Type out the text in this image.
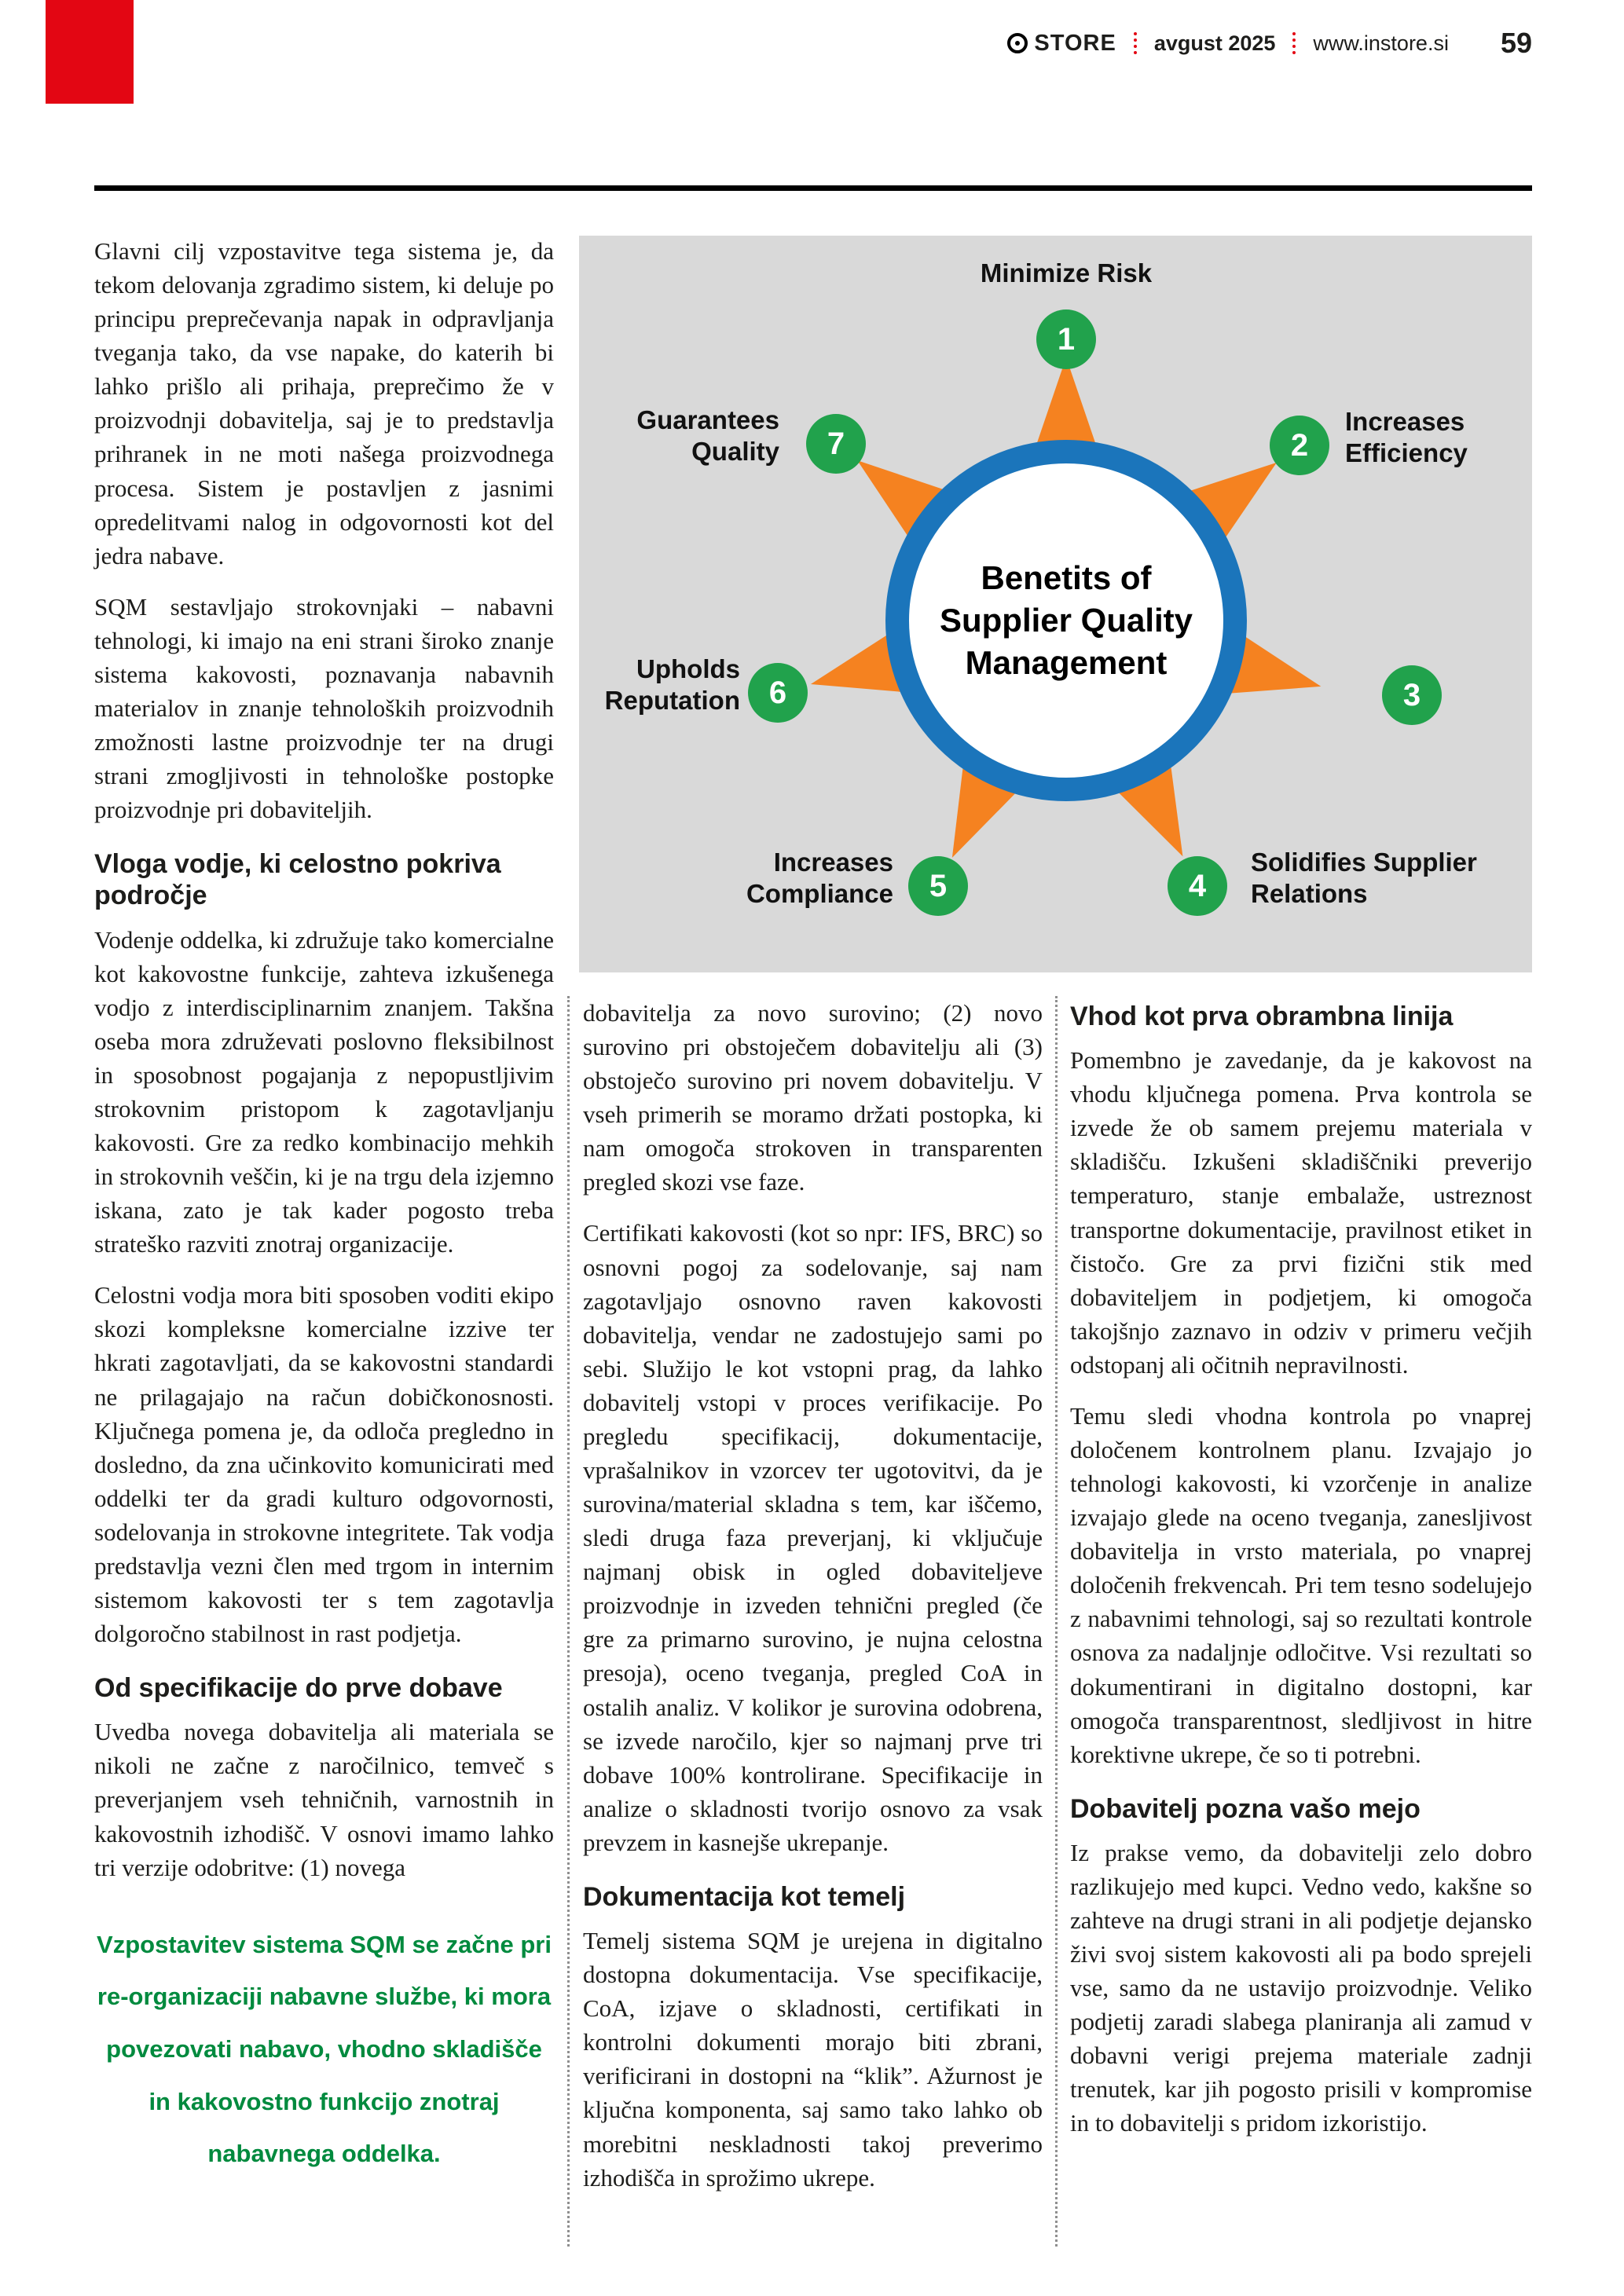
STORE avgust 2025 www.instore.si 59

Glavni cilj vzpostavitve tega sistema je, da tekom delovanja zgradimo sistem, ki deluje po principu preprečevanja napak in odpravljanja tveganja tako, da vse napake, do katerih bi lahko prišlo ali prihaja, preprečimo že v proizvodnji dobavitelja, saj je to predstavlja prihranek in ne moti našega proizvodnega procesa. Sistem je postavljen z jasnimi opredelitvami nalog in odgovornosti kot del jedra nabave.

SQM sestavljajo strokovnjaki – nabavni tehnologi, ki imajo na eni strani široko znanje sistema kakovosti, poznavanja nabavnih materialov in znanje tehnoloških proizvodnih zmožnosti lastne proizvodnje ter na drugi strani zmogljivosti in tehnološke postopke proizvodnje pri dobaviteljih.

Vloga vodje, ki celostno pokriva področje

Vodenje oddelka, ki združuje tako komercialne kot kakovostne funkcije, zahteva izkušenega vodjo z interdisciplinarnim znanjem. Takšna oseba mora združevati poslovno fleksibilnost in sposobnost pogajanja z nepopustljivim strokovnim pristopom k zagotavljanju kakovosti. Gre za redko kombinacijo mehkih in strokovnih veščin, ki je na trgu dela izjemno iskana, zato je tak kader pogosto treba strateško razviti znotraj organizacije.

Celostni vodja mora biti sposoben voditi ekipo skozi kompleksne komercialne izzive ter hkrati zagotavljati, da se kakovostni standardi ne prilagajajo na račun dobičkonosnosti. Ključnega pomena je, da odloča pregledno in dosledno, da zna učinkovito komunicirati med oddelki ter da gradi kulturo odgovornosti, sodelovanja in strokovne integritete. Tak vodja predstavlja vezni člen med trgom in internim sistemom kakovosti ter s tem zagotavlja dolgoročno stabilnost in rast podjetja.

Od specifikacije do prve dobave

Uvedba novega dobavitelja ali materiala se nikoli ne začne z naročilnico, temveč s preverjanjem vseh tehničnih, varnostnih in kakovostnih izhodišč. V osnovi imamo lahko tri verzije odobritve: (1) novega

Vzpostavitev sistema SQM se začne pri re-organizaciji nabavne službe, ki mora povezovati nabavo, vhodno skladišče in kakovostno funkcijo znotraj nabavnega oddelka.
Benetits of Supplier Quality Management
1
Minimize Risk
2
Increases Efficiency
3
4
Solidifies Supplier Relations
5
Increases Compliance
6
Upholds Reputation
7
Guarantees Quality

dobavitelja za novo surovino; (2) novo surovino pri obstoječem dobavitelju ali (3) obstoječo surovino pri novem dobavitelju. V vseh primerih se moramo držati postopka, ki nam omogoča strokoven in transparenten pregled skozi vse faze.

Certifikati kakovosti (kot so npr: IFS, BRC) so osnovni pogoj za sodelovanje, saj nam zagotavljajo osnovno raven kakovosti dobavitelja, vendar ne zadostujejo sami po sebi. Služijo le kot vstopni prag, da lahko dobavitelj vstopi v proces verifikacije. Po pregledu specifikacij, dokumentacije, vprašalnikov in vzorcev ter ugotovitvi, da je surovina/material skladna s tem, kar iščemo, sledi druga faza preverjanj, ki vključuje najmanj obisk in ogled dobaviteljeve proizvodnje in izveden tehnični pregled (če gre za primarno surovino, je nujna celostna presoja), oceno tveganja, pregled CoA in ostalih analiz. V kolikor je surovina odobrena, se izvede naročilo, kjer so najmanj prve tri dobave 100% kontrolirane. Specifikacije in analize o skladnosti tvorijo osnovo za vsak prevzem in kasnejše ukrepanje.

Dokumentacija kot temelj

Temelj sistema SQM je urejena in digitalno dostopna dokumentacija. Vse specifikacije, CoA, izjave o skladnosti, certifikati in kontrolni dokumenti morajo biti zbrani, verificirani in dostopni na “klik”. Ažurnost je ključna komponenta, saj samo tako lahko ob morebitni neskladnosti takoj preverimo izhodišča in sprožimo ukrepe.

Vhod kot prva obrambna linija

Pomembno je zavedanje, da je kakovost na vhodu ključnega pomena. Prva kontrola se izvede že ob samem prejemu materiala v skladišču. Izkušeni skladiščniki preverijo temperaturo, stanje embalaže, ustreznost transportne dokumentacije, pravilnost etiket in čistočo. Gre za prvi fizični stik med dobaviteljem in podjetjem, ki omogoča takojšnjo zaznavo in odziv v primeru večjih odstopanj ali očitnih nepravilnosti.

Temu sledi vhodna kontrola po vnaprej določenem kontrolnem planu. Izvajajo jo tehnologi kakovosti, ki vzorčenje in analize izvajajo glede na oceno tveganja, zanesljivost dobavitelja in vrsto materiala, po vnaprej določenih frekvencah. Pri tem tesno sodelujejo z nabavnimi tehnologi, saj so rezultati kontrole osnova za nadaljnje odločitve. Vsi rezultati so dokumentirani in digitalno dostopni, kar omogoča transparentnost, sledljivost in hitre korektivne ukrepe, če so ti potrebni.

Dobavitelj pozna vašo mejo

Iz prakse vemo, da dobavitelji zelo dobro razlikujejo med kupci. Vedno vedo, kakšne so zahteve na drugi strani in ali podjetje dejansko živi svoj sistem kakovosti ali pa bodo sprejeli vse, samo da ne ustavijo proizvodnje. Veliko podjetij zaradi slabega planiranja ali zamud v dobavni verigi prejema materiale zadnji trenutek, kar jih pogosto prisili v kompromise in to dobavitelji s pridom izkoristijo.
